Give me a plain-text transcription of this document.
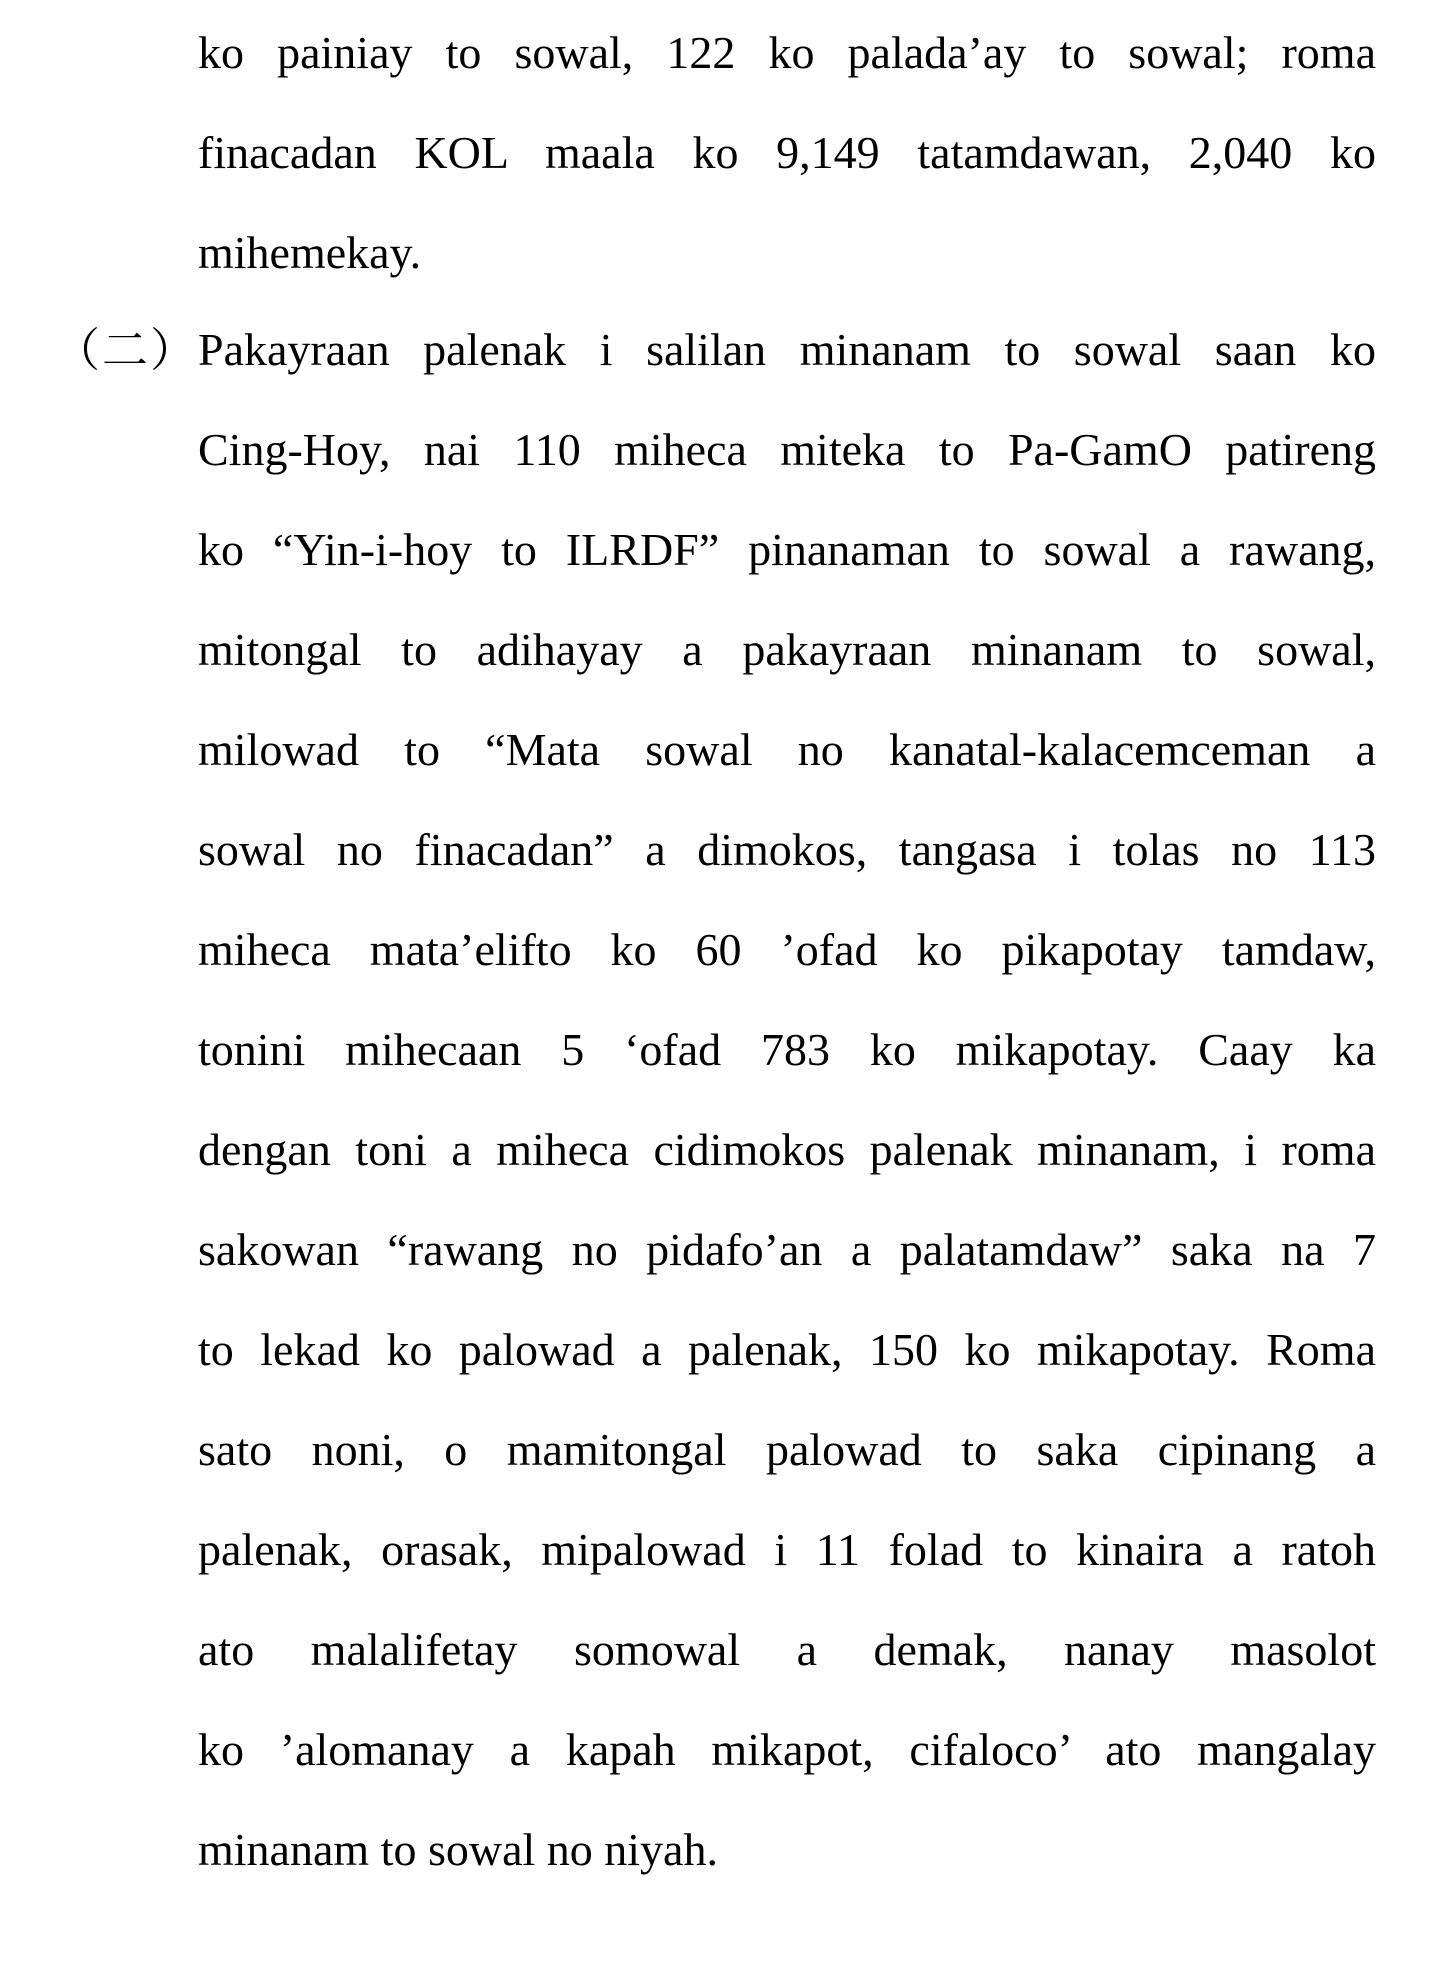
ko painiay to sowal, 122 ko palada’ay to sowal; roma
finacadan KOL maala ko 9,149 tatamdawan, 2,040 ko
mihemekay.
（二） Pakayraan palenak i salilan minanam to sowal saan ko
Cing-Hoy, nai 110 miheca miteka to Pa-GamO patireng
ko “Yin-i-hoy to ILRDF” pinanaman to sowal a rawang,
mitongal to adihayay a pakayraan minanam to sowal,
milowad to “Mata sowal no kanatal-kalacemceman a
sowal no finacadan” a dimokos, tangasa i tolas no 113
miheca mata’elifto ko 60 ’ofad ko pikapotay tamdaw,
tonini mihecaan 5 ‘ofad 783 ko mikapotay. Caay ka
dengan toni a miheca cidimokos palenak minanam, i roma
sakowan “rawang no pidafo’an a palatamdaw” saka na 7
to lekad ko palowad a palenak, 150 ko mikapotay. Roma
sato noni, o mamitongal palowad to saka cipinang a
palenak, orasak, mipalowad i 11 folad to kinaira a ratoh
ato malalifetay somowal a demak, nanay masolot
ko ’alomanay a kapah mikapot, cifaloco’ ato mangalay
minanam to sowal no niyah.
